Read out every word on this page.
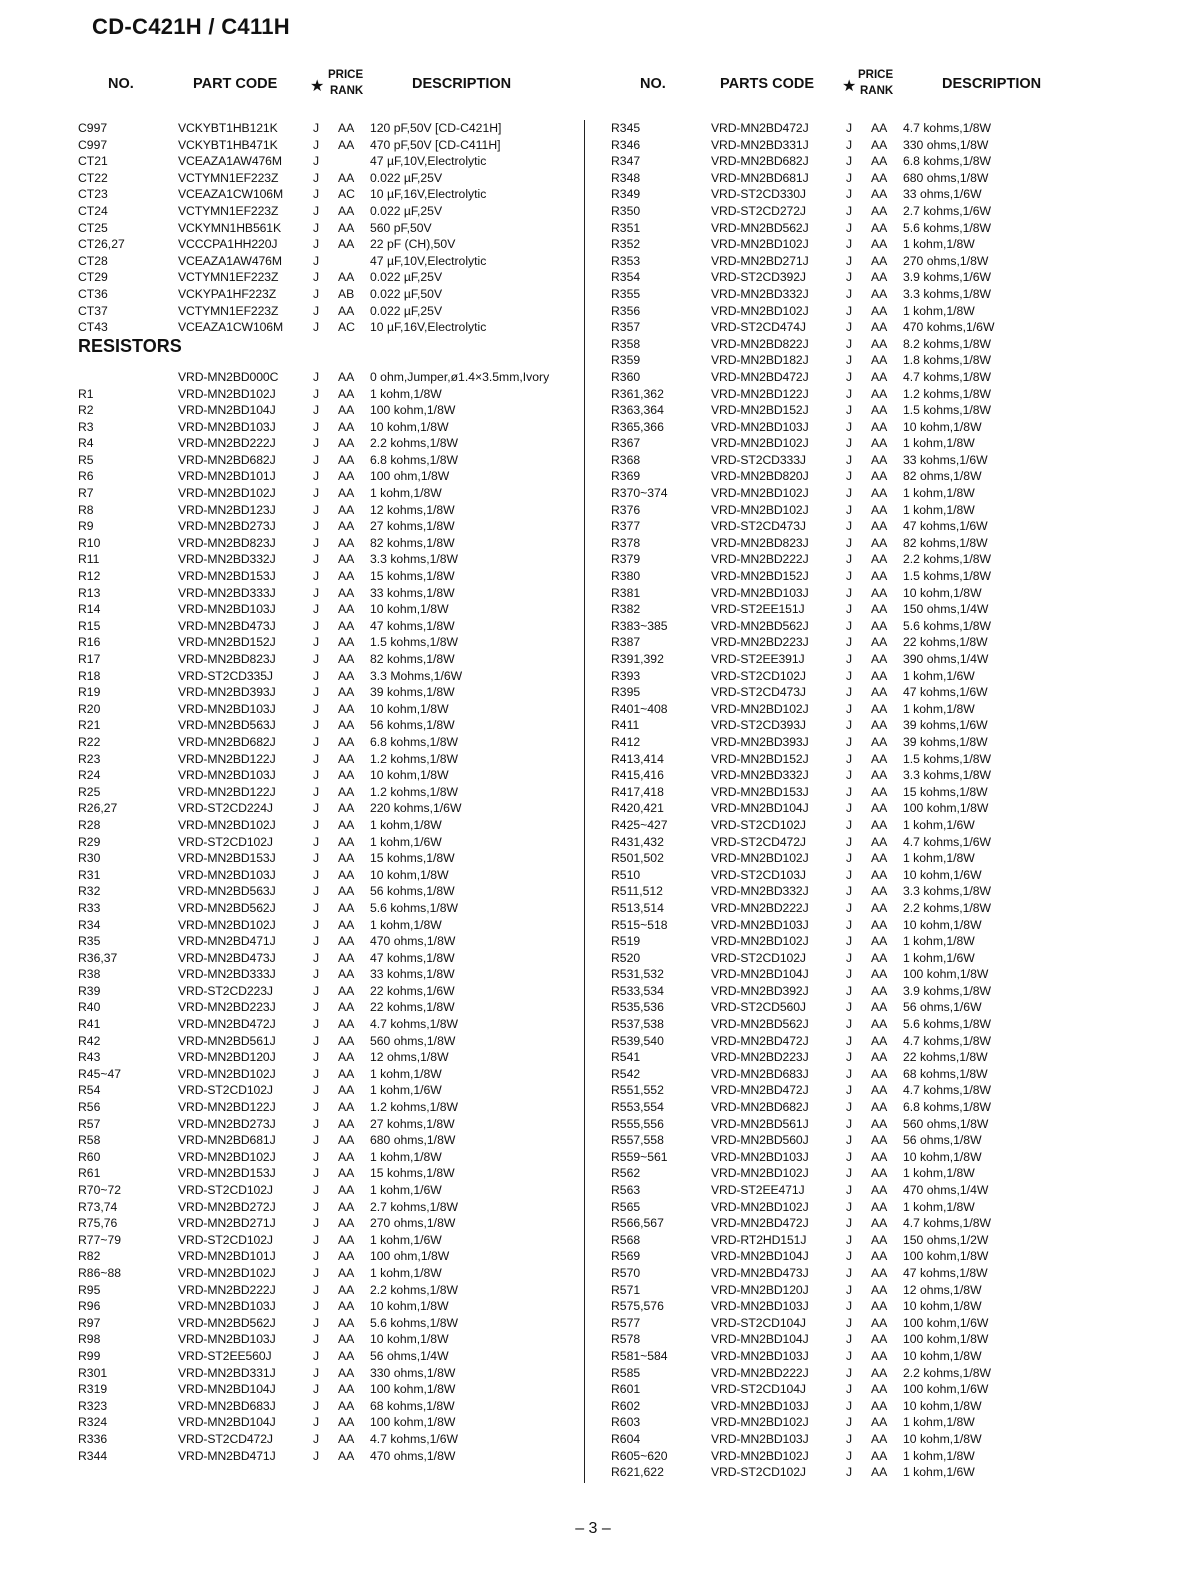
CD-C421H / C411H
NO.	PART CODE ★
PRICE
RANK	DESCRIPTION	NO.	PARTS CODE ★
PRICE
RANK	DESCRIPTION
C997	VCKYBT1HB121K	J AA 120 pF,50V [CD-C421H]
C997	VCKYBT1HB471K	J AA 470 pF,50V [CD-C411H]
CT21	VCEAZA1AW476M	J	47 µF,10V,Electrolytic
CT22	VCTYMN1EF223Z	J AA 0.022 µF,25V
CT23	VCEAZA1CW106M J AC 10 µF,16V,Electrolytic
CT24	VCTYMN1EF223Z	J AA 0.022 µF,25V
CT25	VCKYMN1HB561K	J AA 560 pF,50V
CT26,27	VCCCPA1HH220J	J AA 22 pF (CH),50V
CT28	VCEAZA1AW476M	J	47 µF,10V,Electrolytic
CT29	VCTYMN1EF223Z	J AA 0.022 µF,25V
CT36	VCKYPA1HF223Z	J AB 0.022 µF,50V
CT37	VCTYMN1EF223Z	J AA 0.022 µF,25V
CT43	VCEAZA1CW106M J AC 10 µF,16V,Electrolytic
RESISTORS
VRD-MN2BD000C	J AA 0 ohm,Jumper,ø1.4×3.5mm,Ivory
R1	VRD-MN2BD102J	J AA 1 kohm,1/8W
R2	VRD-MN2BD104J	J AA 100 kohm,1/8W
R3	VRD-MN2BD103J	J AA 10 kohm,1/8W
R4	VRD-MN2BD222J	J AA 2.2 kohms,1/8W
R5	VRD-MN2BD682J	J AA 6.8 kohms,1/8W
R6	VRD-MN2BD101J	J AA 100 ohm,1/8W
R7	VRD-MN2BD102J	J AA 1 kohm,1/8W
R8	VRD-MN2BD123J	J AA 12 kohms,1/8W
R9	VRD-MN2BD273J	J AA 27 kohms,1/8W
R10	VRD-MN2BD823J	J AA 82 kohms,1/8W
R11	VRD-MN2BD332J	J AA 3.3 kohms,1/8W
R12	VRD-MN2BD153J	J AA 15 kohms,1/8W
R13	VRD-MN2BD333J	J AA 33 kohms,1/8W
R14	VRD-MN2BD103J	J AA 10 kohm,1/8W
R15	VRD-MN2BD473J	J AA 47 kohms,1/8W
R16	VRD-MN2BD152J	J AA 1.5 kohms,1/8W
R17	VRD-MN2BD823J	J AA 82 kohms,1/8W
R18	VRD-ST2CD335J	J AA 3.3 Mohms,1/6W
R19	VRD-MN2BD393J	J AA 39 kohms,1/8W
R20	VRD-MN2BD103J	J AA 10 kohm,1/8W
R21	VRD-MN2BD563J	J AA 56 kohms,1/8W
R22	VRD-MN2BD682J	J AA 6.8 kohms,1/8W
R23	VRD-MN2BD122J	J AA 1.2 kohms,1/8W
R24	VRD-MN2BD103J	J AA 10 kohm,1/8W
R25	VRD-MN2BD122J	J AA 1.2 kohms,1/8W
R26,27	VRD-ST2CD224J	J AA 220 kohms,1/6W
R28	VRD-MN2BD102J	J AA 1 kohm,1/8W
R29	VRD-ST2CD102J	J AA 1 kohm,1/6W
R30	VRD-MN2BD153J	J AA 15 kohms,1/8W
R31	VRD-MN2BD103J	J AA 10 kohm,1/8W
R32	VRD-MN2BD563J	J AA 56 kohms,1/8W
R33	VRD-MN2BD562J	J AA 5.6 kohms,1/8W
R34	VRD-MN2BD102J	J AA 1 kohm,1/8W
R35	VRD-MN2BD471J	J AA 470 ohms,1/8W
R36,37	VRD-MN2BD473J	J AA 47 kohms,1/8W
R38	VRD-MN2BD333J	J AA 33 kohms,1/8W
R39	VRD-ST2CD223J	J AA 22 kohms,1/6W
R40	VRD-MN2BD223J	J AA 22 kohms,1/8W
R41	VRD-MN2BD472J	J AA 4.7 kohms,1/8W
R42	VRD-MN2BD561J	J AA 560 ohms,1/8W
R43	VRD-MN2BD120J	J AA 12 ohms,1/8W
R45~47	VRD-MN2BD102J	J AA 1 kohm,1/8W
R54	VRD-ST2CD102J	J AA 1 kohm,1/6W
R56	VRD-MN2BD122J	J AA 1.2 kohms,1/8W
R57	VRD-MN2BD273J	J AA 27 kohms,1/8W
R58	VRD-MN2BD681J	J AA 680 ohms,1/8W
R60	VRD-MN2BD102J	J AA 1 kohm,1/8W
R61	VRD-MN2BD153J	J AA 15 kohms,1/8W
R70~72	VRD-ST2CD102J	J AA 1 kohm,1/6W
R73,74	VRD-MN2BD272J	J AA 2.7 kohms,1/8W
R75,76	VRD-MN2BD271J	J AA 270 ohms,1/8W
R77~79	VRD-ST2CD102J	J AA 1 kohm,1/6W
R82	VRD-MN2BD101J	J AA 100 ohm,1/8W
R86~88	VRD-MN2BD102J	J AA 1 kohm,1/8W
R95	VRD-MN2BD222J	J AA 2.2 kohms,1/8W
R96	VRD-MN2BD103J	J AA 10 kohm,1/8W
R97	VRD-MN2BD562J	J AA 5.6 kohms,1/8W
R98	VRD-MN2BD103J	J AA 10 kohm,1/8W
R99	VRD-ST2EE560J	J AA 56 ohms,1/4W
R301	VRD-MN2BD331J	J AA 330 ohms,1/8W
R319	VRD-MN2BD104J	J AA 100 kohm,1/8W
R323	VRD-MN2BD683J	J AA 68 kohms,1/8W
R324	VRD-MN2BD104J	J AA 100 kohm,1/8W
R336	VRD-ST2CD472J	J AA 4.7 kohms,1/6W
R344	VRD-MN2BD471J	J AA 470 ohms,1/8W
R345	VRD-MN2BD472J	J AA 4.7 kohms,1/8W
R346	VRD-MN2BD331J	J AA 330 ohms,1/8W
R347	VRD-MN2BD682J	J AA 6.8 kohms,1/8W
R348	VRD-MN2BD681J	J AA 680 ohms,1/8W
R349	VRD-ST2CD330J	J AA 33 ohms,1/6W
R350	VRD-ST2CD272J	J AA 2.7 kohms,1/6W
R351	VRD-MN2BD562J	J AA 5.6 kohms,1/8W
R352	VRD-MN2BD102J	J AA 1 kohm,1/8W
R353	VRD-MN2BD271J	J AA 270 ohms,1/8W
R354	VRD-ST2CD392J	J AA 3.9 kohms,1/6W
R355	VRD-MN2BD332J	J AA 3.3 kohms,1/8W
R356	VRD-MN2BD102J	J AA 1 kohm,1/8W
R357	VRD-ST2CD474J	J AA 470 kohms,1/6W
R358	VRD-MN2BD822J	J AA 8.2 kohms,1/8W
R359	VRD-MN2BD182J	J AA 1.8 kohms,1/8W
R360	VRD-MN2BD472J	J AA 4.7 kohms,1/8W
R361,362	VRD-MN2BD122J	J AA 1.2 kohms,1/8W
R363,364	VRD-MN2BD152J	J AA 1.5 kohms,1/8W
R365,366	VRD-MN2BD103J	J AA 10 kohm,1/8W
R367	VRD-MN2BD102J	J AA 1 kohm,1/8W
R368	VRD-ST2CD333J	J AA 33 kohms,1/6W
R369	VRD-MN2BD820J	J AA 82 ohms,1/8W
R370~374	VRD-MN2BD102J	J AA 1 kohm,1/8W
R376	VRD-MN2BD102J	J AA 1 kohm,1/8W
R377	VRD-ST2CD473J	J AA 47 kohms,1/6W
R378	VRD-MN2BD823J	J AA 82 kohms,1/8W
R379	VRD-MN2BD222J	J AA 2.2 kohms,1/8W
R380	VRD-MN2BD152J	J AA 1.5 kohms,1/8W
R381	VRD-MN2BD103J	J AA 10 kohm,1/8W
R382	VRD-ST2EE151J	J AA 150 ohms,1/4W
R383~385	VRD-MN2BD562J	J AA 5.6 kohms,1/8W
R387	VRD-MN2BD223J	J AA 22 kohms,1/8W
R391,392	VRD-ST2EE391J	J AA 390 ohms,1/4W
R393	VRD-ST2CD102J	J AA 1 kohm,1/6W
R395	VRD-ST2CD473J	J AA 47 kohms,1/6W
R401~408	VRD-MN2BD102J	J AA 1 kohm,1/8W
R411	VRD-ST2CD393J	J AA 39 kohms,1/6W
R412	VRD-MN2BD393J	J AA 39 kohms,1/8W
R413,414	VRD-MN2BD152J	J AA 1.5 kohms,1/8W
R415,416	VRD-MN2BD332J	J AA 3.3 kohms,1/8W
R417,418	VRD-MN2BD153J	J AA 15 kohms,1/8W
R420,421	VRD-MN2BD104J	J AA 100 kohm,1/8W
R425~427	VRD-ST2CD102J	J AA 1 kohm,1/6W
R431,432	VRD-ST2CD472J	J AA 4.7 kohms,1/6W
R501,502	VRD-MN2BD102J	J AA 1 kohm,1/8W
R510	VRD-ST2CD103J	J AA 10 kohm,1/6W
R511,512	VRD-MN2BD332J	J AA 3.3 kohms,1/8W
R513,514	VRD-MN2BD222J	J AA 2.2 kohms,1/8W
R515~518	VRD-MN2BD103J	J AA 10 kohm,1/8W
R519	VRD-MN2BD102J	J AA 1 kohm,1/8W
R520	VRD-ST2CD102J	J AA 1 kohm,1/6W
R531,532	VRD-MN2BD104J	J AA 100 kohm,1/8W
R533,534	VRD-MN2BD392J	J AA 3.9 kohms,1/8W
R535,536	VRD-ST2CD560J	J AA 56 ohms,1/6W
R537,538	VRD-MN2BD562J	J AA 5.6 kohms,1/8W
R539,540	VRD-MN2BD472J	J AA 4.7 kohms,1/8W
R541	VRD-MN2BD223J	J AA 22 kohms,1/8W
R542	VRD-MN2BD683J	J AA 68 kohms,1/8W
R551,552	VRD-MN2BD472J	J AA 4.7 kohms,1/8W
R553,554	VRD-MN2BD682J	J AA 6.8 kohms,1/8W
R555,556	VRD-MN2BD561J	J AA 560 ohms,1/8W
R557,558	VRD-MN2BD560J	J AA 56 ohms,1/8W
R559~561	VRD-MN2BD103J	J AA 10 kohm,1/8W
R562	VRD-MN2BD102J	J AA 1 kohm,1/8W
R563	VRD-ST2EE471J	J AA 470 ohms,1/4W
R565	VRD-MN2BD102J	J AA 1 kohm,1/8W
R566,567	VRD-MN2BD472J	J AA 4.7 kohms,1/8W
R568	VRD-RT2HD151J	J AA 150 ohms,1/2W
R569	VRD-MN2BD104J	J AA 100 kohm,1/8W
R570	VRD-MN2BD473J	J AA 47 kohms,1/8W
R571	VRD-MN2BD120J	J AA 12 ohms,1/8W
R575,576	VRD-MN2BD103J	J AA 10 kohm,1/8W
R577	VRD-ST2CD104J	J AA 100 kohm,1/6W
R578	VRD-MN2BD104J	J AA 100 kohm,1/8W
R581~584	VRD-MN2BD103J	J AA 10 kohm,1/8W
R585	VRD-MN2BD222J	J AA 2.2 kohms,1/8W
R601	VRD-ST2CD104J	J AA 100 kohm,1/6W
R602	VRD-MN2BD103J	J AA 10 kohm,1/8W
R603	VRD-MN2BD102J	J AA 1 kohm,1/8W
R604	VRD-MN2BD103J	J AA 10 kohm,1/8W
R605~620	VRD-MN2BD102J	J AA 1 kohm,1/8W
R621,622	VRD-ST2CD102J	J AA 1 kohm,1/6W
– 3 –
